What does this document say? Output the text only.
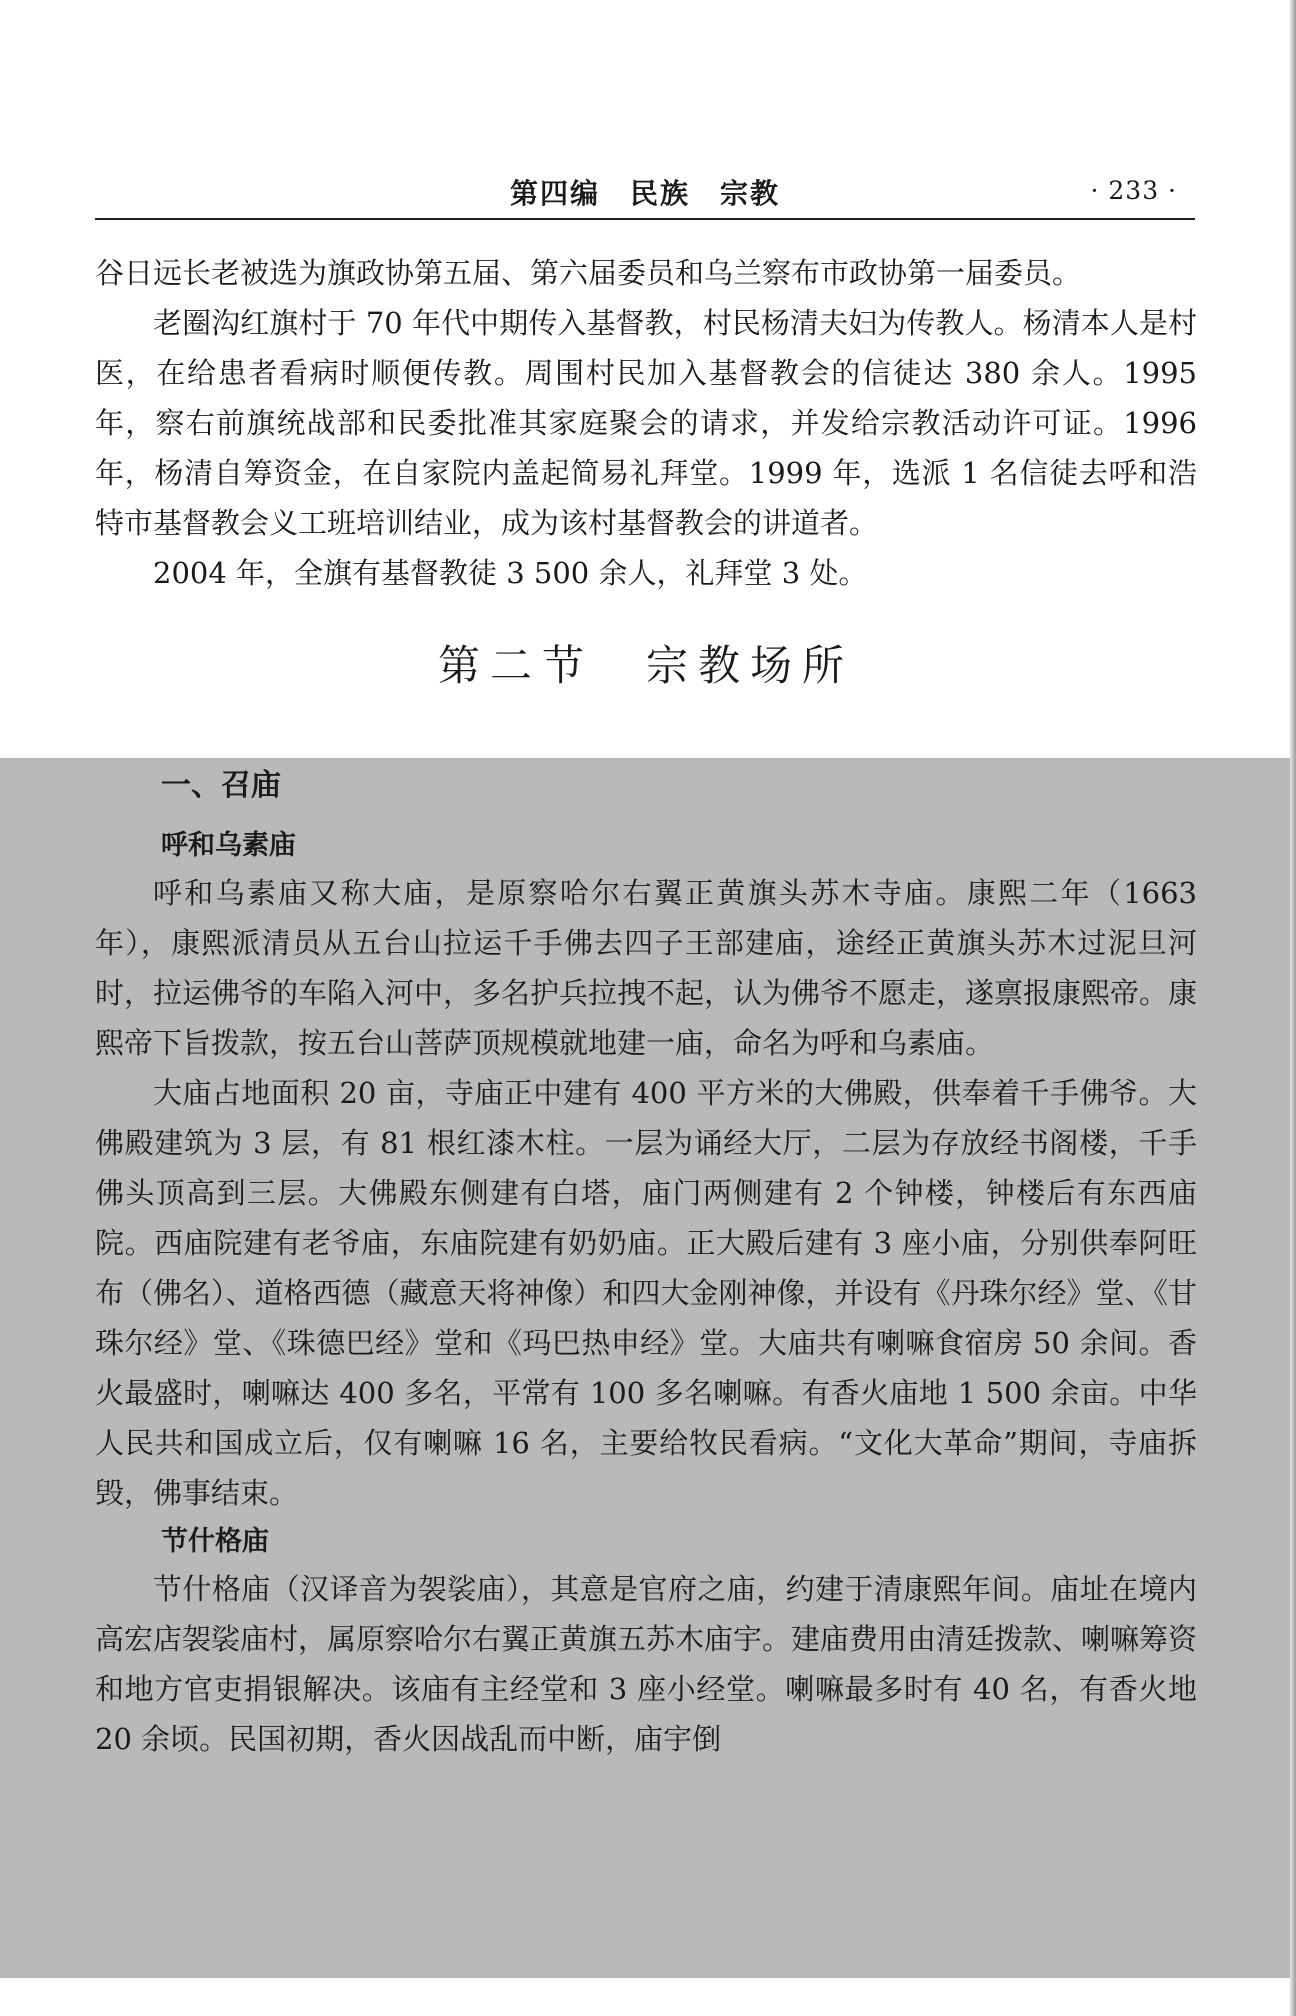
第四编　民族　宗教	· 233 ·

谷日远长老被选为旗政协第五届、第六届委员和乌兰察布市政协第一届委员。

老圈沟红旗村于 70 年代中期传入基督教，村民杨清夫妇为传教人。杨清本人是村医，在给患者看病时顺便传教。周围村民加入基督教会的信徒达 380 余人。1995 年，察右前旗统战部和民委批准其家庭聚会的请求，并发给宗教活动许可证。1996 年，杨清自筹资金，在自家院内盖起简易礼拜堂。1999 年，选派 1 名信徒去呼和浩特市基督教会义工班培训结业，成为该村基督教会的讲道者。

2004 年，全旗有基督教徒 3 500 余人，礼拜堂 3 处。

第二节　宗教场所
一、召庙
呼和乌素庙

呼和乌素庙又称大庙，是原察哈尔右翼正黄旗头苏木寺庙。康熙二年（1663 年），康熙派清员从五台山拉运千手佛去四子王部建庙，途经正黄旗头苏木过泥旦河时，拉运佛爷的车陷入河中，多名护兵拉拽不起，认为佛爷不愿走，遂禀报康熙帝。康熙帝下旨拨款，按五台山菩萨顶规模就地建一庙，命名为呼和乌素庙。

大庙占地面积 20 亩，寺庙正中建有 400 平方米的大佛殿，供奉着千手佛爷。大佛殿建筑为 3 层，有 81 根红漆木柱。一层为诵经大厅，二层为存放经书阁楼，千手佛头顶高到三层。大佛殿东侧建有白塔，庙门两侧建有 2 个钟楼，钟楼后有东西庙院。西庙院建有老爷庙，东庙院建有奶奶庙。正大殿后建有 3 座小庙，分别供奉阿旺布（佛名）、道格西德（藏意天将神像）和四大金刚神像，并设有《丹珠尔经》堂、《甘珠尔经》堂、《珠德巴经》堂和《玛巴热申经》堂。大庙共有喇嘛食宿房 50 余间。香火最盛时，喇嘛达 400 多名，平常有 100 多名喇嘛。有香火庙地 1 500 余亩。中华人民共和国成立后，仅有喇嘛 16 名，主要给牧民看病。“文化大革命”期间，寺庙拆毁，佛事结束。

节什格庙

节什格庙（汉译音为袈裟庙），其意是官府之庙，约建于清康熙年间。庙址在境内高宏店袈裟庙村，属原察哈尔右翼正黄旗五苏木庙宇。建庙费用由清廷拨款、喇嘛筹资和地方官吏捐银解决。该庙有主经堂和 3 座小经堂。喇嘛最多时有 40 名，有香火地 20 余顷。民国初期，香火因战乱而中断，庙宇倒
